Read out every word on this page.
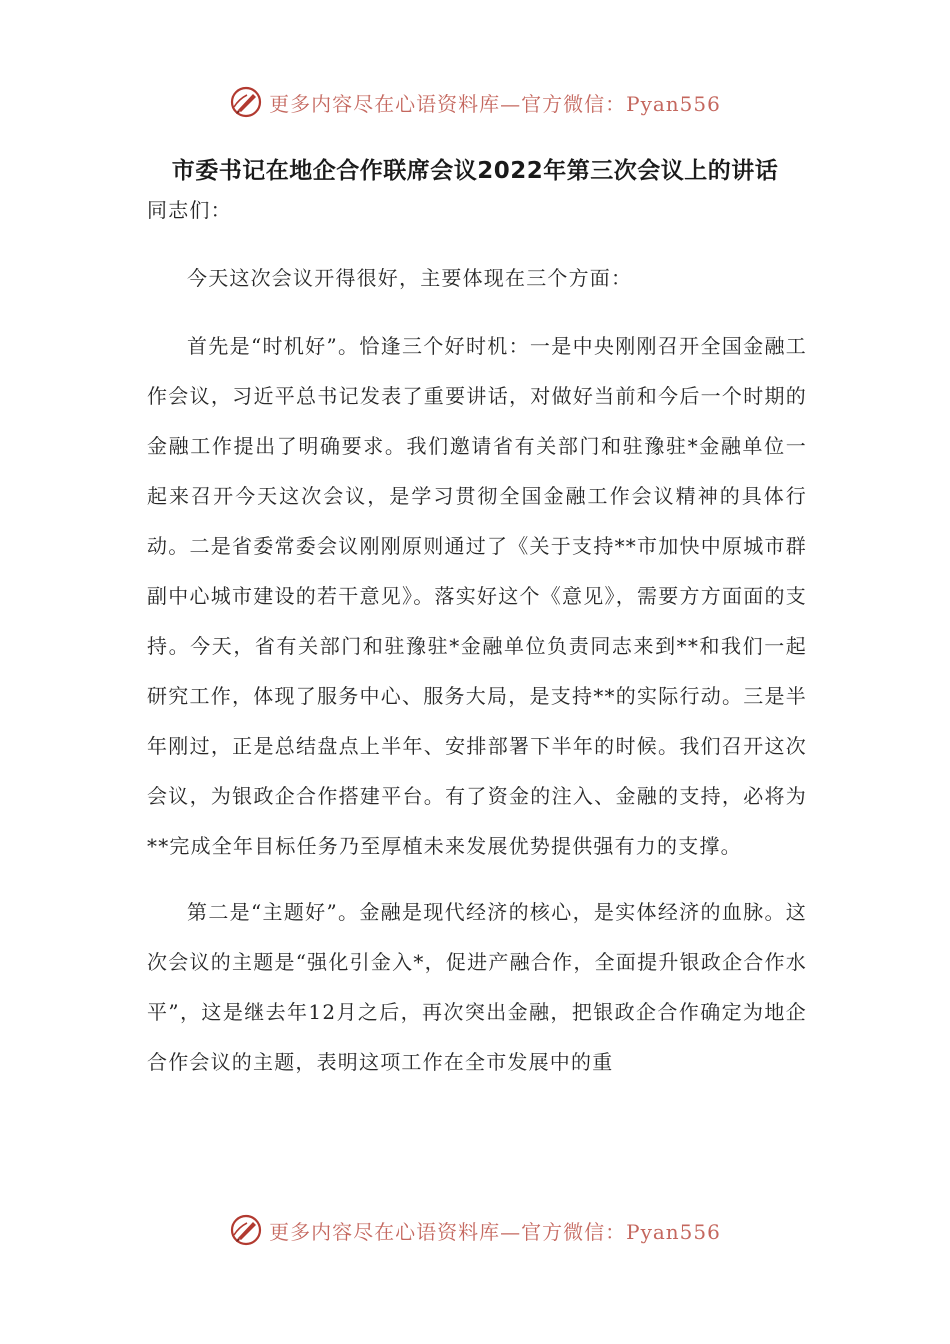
更多内容尽在心语资料库—官方微信：Pyan556
市委书记在地企合作联席会议2022年第三次会议上的讲话

同志们：

今天这次会议开得很好，主要体现在三个方面：

首先是“时机好”。恰逢三个好时机：一是中央刚刚召开全国金融工作会议，习近平总书记发表了重要讲话，对做好当前和今后一个时期的金融工作提出了明确要求。我们邀请省有关部门和驻豫驻*金融单位一起来召开今天这次会议，是学习贯彻全国金融工作会议精神的具体行动。二是省委常委会议刚刚原则通过了《关于支持**市加快中原城市群副中心城市建设的若干意见》。落实好这个《意见》，需要方方面面的支持。今天，省有关部门和驻豫驻*金融单位负责同志来到**和我们一起研究工作，体现了服务中心、服务大局，是支持**的实际行动。三是半年刚过，正是总结盘点上半年、安排部署下半年的时候。我们召开这次会议，为银政企合作搭建平台。有了资金的注入、金融的支持，必将为**完成全年目标任务乃至厚植未来发展优势提供强有力的支撑。

第二是“主题好”。金融是现代经济的核心，是实体经济的血脉。这次会议的主题是“强化引金入*，促进产融合作，全面提升银政企合作水平”，这是继去年12月之后，再次突出金融，把银政企合作确定为地企合作会议的主题，表明这项工作在全市发展中的重

更多内容尽在心语资料库—官方微信：Pyan556
